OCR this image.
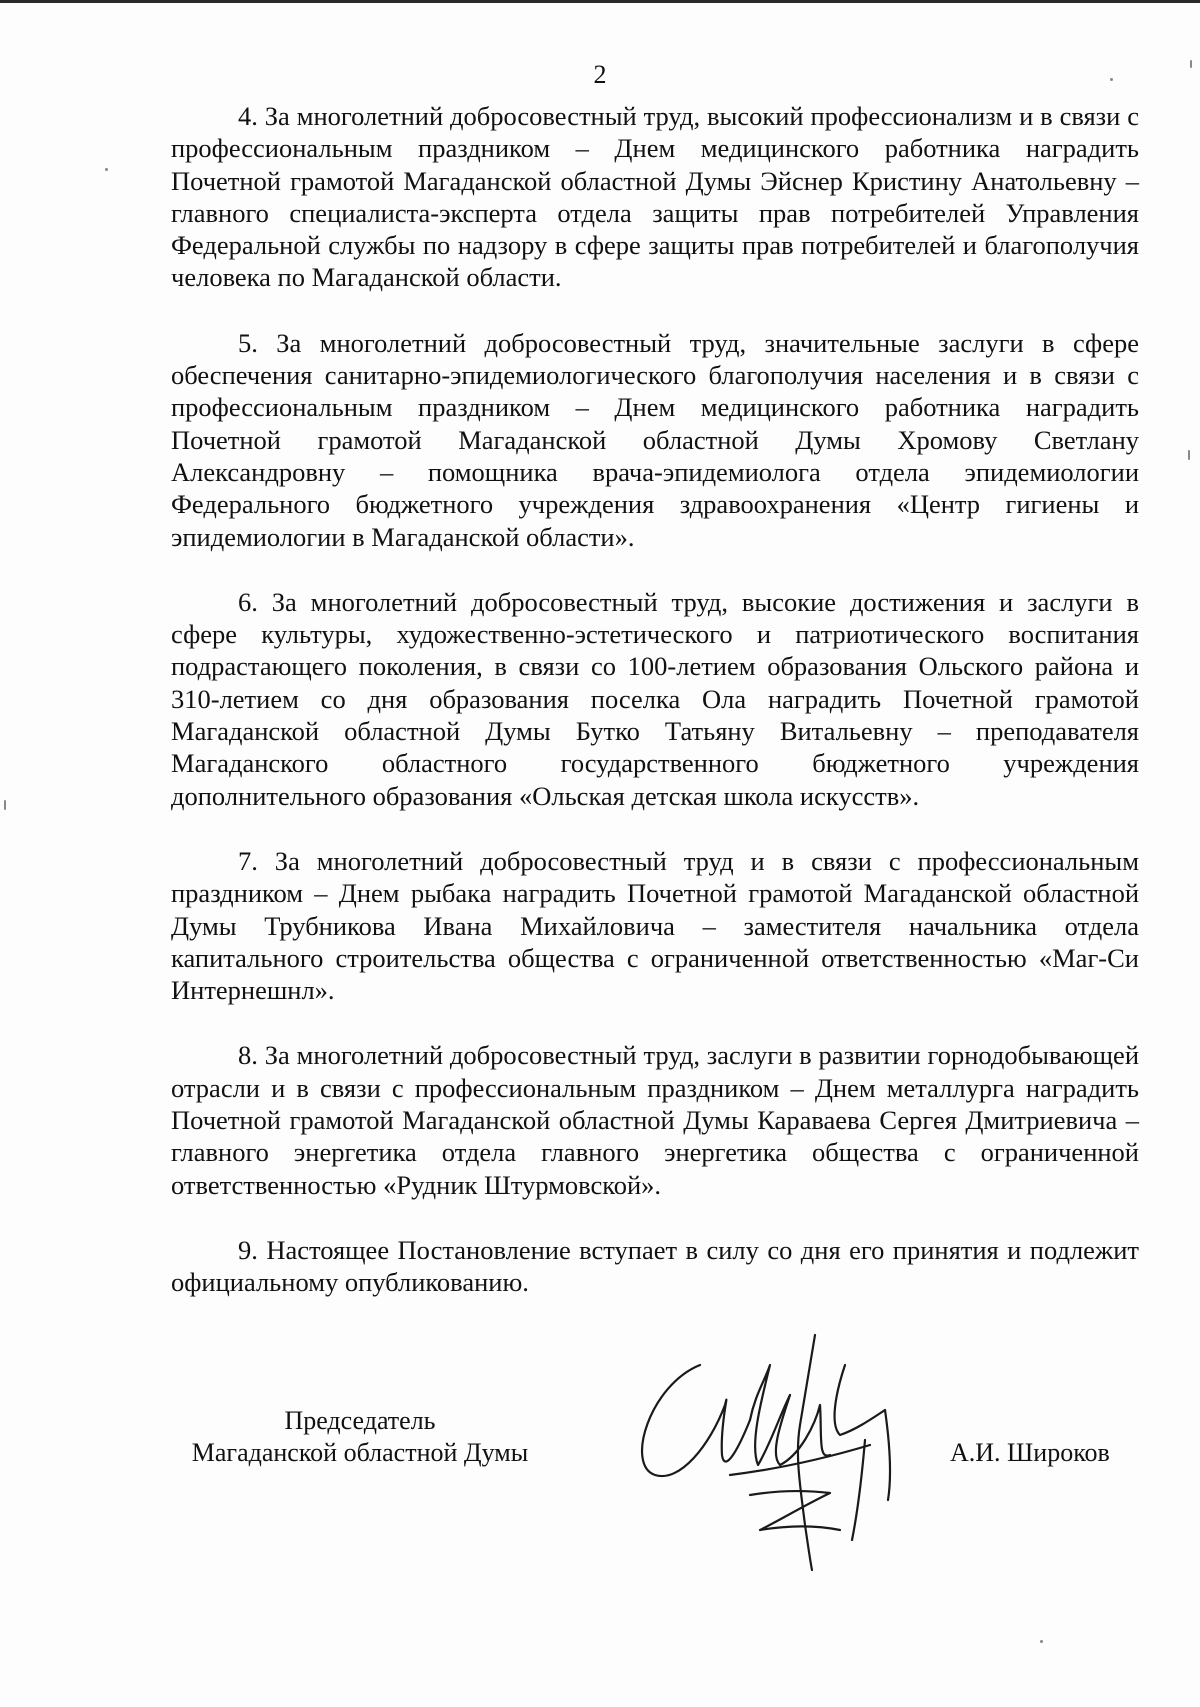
2

4. За многолетний добросовестный труд, высокий профессионализм и в связи с профессиональным праздником – Днем медицинского работника наградить Почетной грамотой Магаданской областной Думы Эйснер Кристину Анатольевну – главного специалиста-эксперта отдела защиты прав потребителей Управления Федеральной службы по надзору в сфере защиты прав потребителей и благополучия человека по Магаданской области.

5. За многолетний добросовестный труд, значительные заслуги в сфере обеспечения санитарно-эпидемиологического благополучия населения и в связи с профессиональным праздником – Днем медицинского работника наградить Почетной грамотой Магаданской областной Думы Хромову Светлану Александровну – помощника врача-эпидемиолога отдела эпидемиологии Федерального бюджетного учреждения здравоохранения «Центр гигиены и эпидемиологии в Магаданской области».

6. За многолетний добросовестный труд, высокие достижения и заслуги в сфере культуры, художественно-эстетического и патриотического воспитания подрастающего поколения, в связи со 100-летием образования Ольского района и 310-летием со дня образования поселка Ола наградить Почетной грамотой Магаданской областной Думы Бутко Татьяну Витальевну – преподавателя Магаданского областного государственного бюджетного учреждения дополнительного образования «Ольская детская школа искусств».

7. За многолетний добросовестный труд и в связи с профессиональным праздником – Днем рыбака наградить Почетной грамотой Магаданской областной Думы Трубникова Ивана Михайловича – заместителя начальника отдела капитального строительства общества с ограниченной ответственностью «Маг-Си Интернешнл».

8. За многолетний добросовестный труд, заслуги в развитии горнодобывающей отрасли и в связи с профессиональным праздником – Днем металлурга наградить Почетной грамотой Магаданской областной Думы Караваева Сергея Дмитриевича – главного энергетика отдела главного энергетика общества с ограниченной ответственностью «Рудник Штурмовской».

9. Настоящее Постановление вступает в силу со дня его принятия и подлежит официальному опубликованию.

Председатель
Магаданской областной Думы	А.И. Широков
